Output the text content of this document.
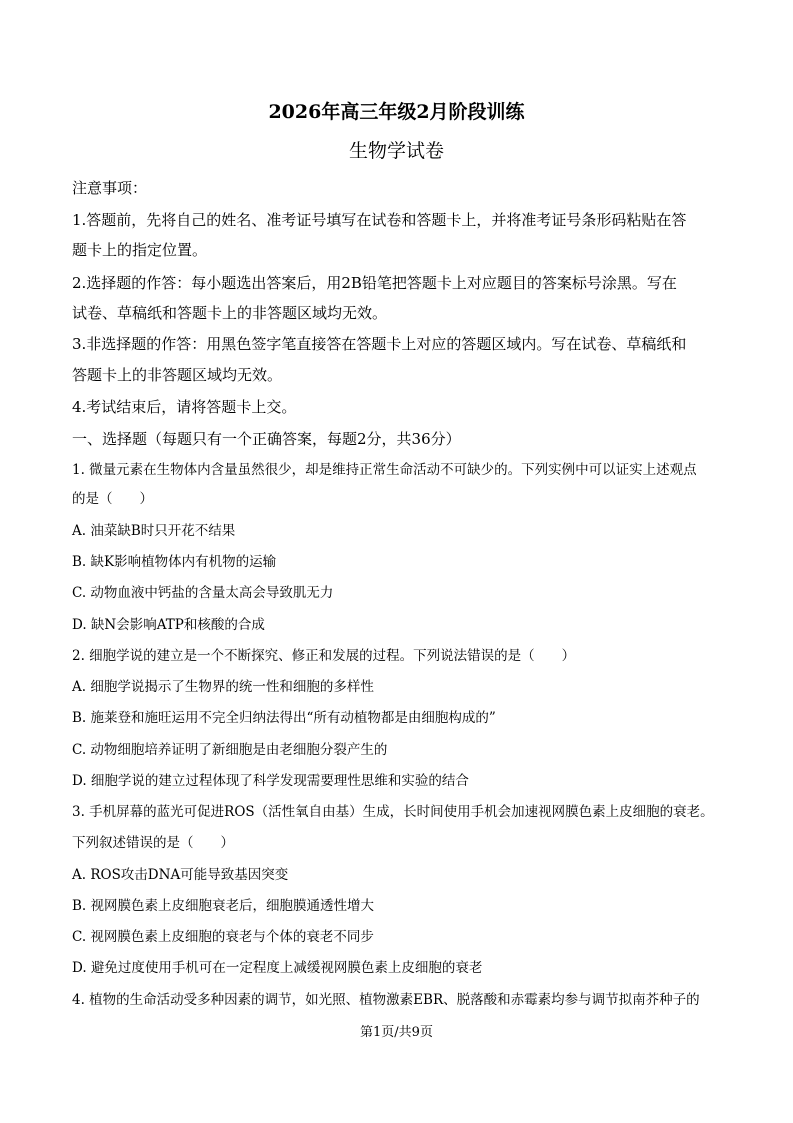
2026年高三年级2月阶段训练
生物学试卷
注意事项：
1.答题前，先将自己的姓名、准考证号填写在试卷和答题卡上，并将准考证号条形码粘贴在答
题卡上的指定位置。
2.选择题的作答：每小题选出答案后，用2B铅笔把答题卡上对应题目的答案标号涂黑。写在
试卷、草稿纸和答题卡上的非答题区域均无效。
3.非选择题的作答：用黑色签字笔直接答在答题卡上对应的答题区域内。写在试卷、草稿纸和
答题卡上的非答题区域均无效。
4.考试结束后，请将答题卡上交。
一、选择题（每题只有一个正确答案，每题2分，共36分）
1. 微量元素在生物体内含量虽然很少，却是维持正常生命活动不可缺少的。下列实例中可以证实上述观点
的是（　　）
A. 油菜缺B时只开花不结果
B. 缺K影响植物体内有机物的运输
C. 动物血液中钙盐的含量太高会导致肌无力
D. 缺N会影响ATP和核酸的合成
2. 细胞学说的建立是一个不断探究、修正和发展的过程。下列说法错误的是（　　）
A. 细胞学说揭示了生物界的统一性和细胞的多样性
B. 施莱登和施旺运用不完全归纳法得出“所有动植物都是由细胞构成的”
C. 动物细胞培养证明了新细胞是由老细胞分裂产生的
D. 细胞学说的建立过程体现了科学发现需要理性思维和实验的结合
3. 手机屏幕的蓝光可促进ROS（活性氧自由基）生成，长时间使用手机会加速视网膜色素上皮细胞的衰老。
下列叙述错误的是（　　）
A. ROS攻击DNA可能导致基因突变
B. 视网膜色素上皮细胞衰老后，细胞膜通透性增大
C. 视网膜色素上皮细胞的衰老与个体的衰老不同步
D. 避免过度使用手机可在一定程度上减缓视网膜色素上皮细胞的衰老
4. 植物的生命活动受多种因素的调节，如光照、植物激素EBR、脱落酸和赤霉素均参与调节拟南芥种子的
第1页/共9页
